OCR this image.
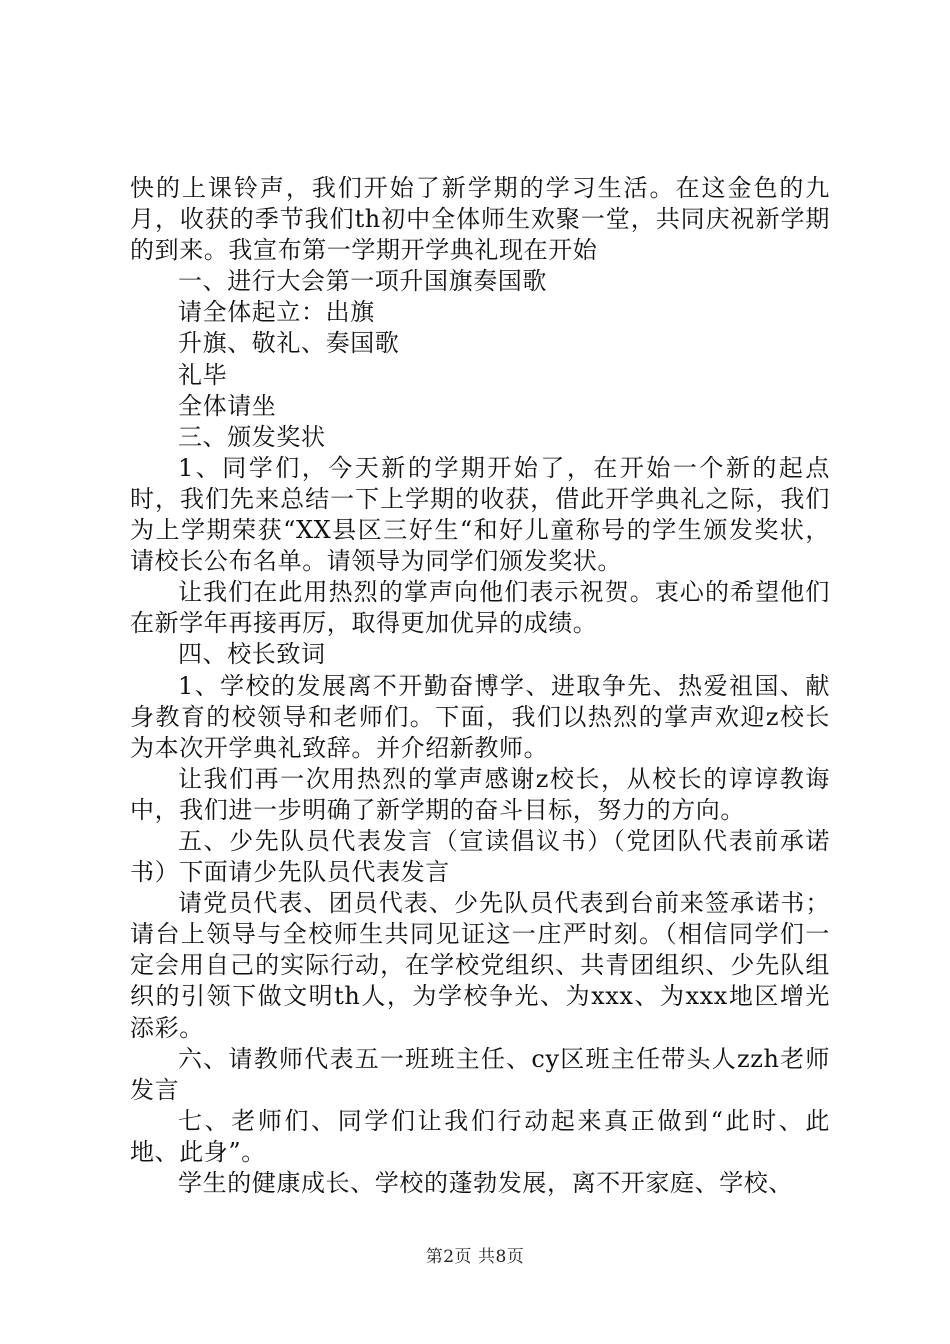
快的上课铃声，我们开始了新学期的学习生活。在这金色的九月，收获的季节我们th初中全体师生欢聚一堂，共同庆祝新学期的到来。我宣布第一学期开学典礼现在开始

一、进行大会第一项升国旗奏国歌

请全体起立：出旗

升旗、敬礼、奏国歌

礼毕

全体请坐

三、颁发奖状

1、同学们，今天新的学期开始了，在开始一个新的起点时，我们先来总结一下上学期的收获，借此开学典礼之际，我们为上学期荣获“XX县区三好生“和好儿童称号的学生颁发奖状，请校长公布名单。请领导为同学们颁发奖状。

让我们在此用热烈的掌声向他们表示祝贺。衷心的希望他们在新学年再接再厉，取得更加优异的成绩。

四、校长致词

1、学校的发展离不开勤奋博学、进取争先、热爱祖国、献身教育的校领导和老师们。下面，我们以热烈的掌声欢迎z校长为本次开学典礼致辞。并介绍新教师。

让我们再一次用热烈的掌声感谢z校长，从校长的谆谆教诲中，我们进一步明确了新学期的奋斗目标，努力的方向。

五、少先队员代表发言（宣读倡议书）（党团队代表前承诺书）下面请少先队员代表发言

请党员代表、团员代表、少先队员代表到台前来签承诺书；请台上领导与全校师生共同见证这一庄严时刻。（相信同学们一定会用自己的实际行动，在学校党组织、共青团组织、少先队组织的引领下做文明th人，为学校争光、为xxx、为xxx地区增光添彩。

六、请教师代表五一班班主任、cy区班主任带头人zzh老师发言

七、老师们、同学们让我们行动起来真正做到“此时、此地、此身”。

学生的健康成长、学校的蓬勃发展，离不开家庭、学校、

第2页 共8页
